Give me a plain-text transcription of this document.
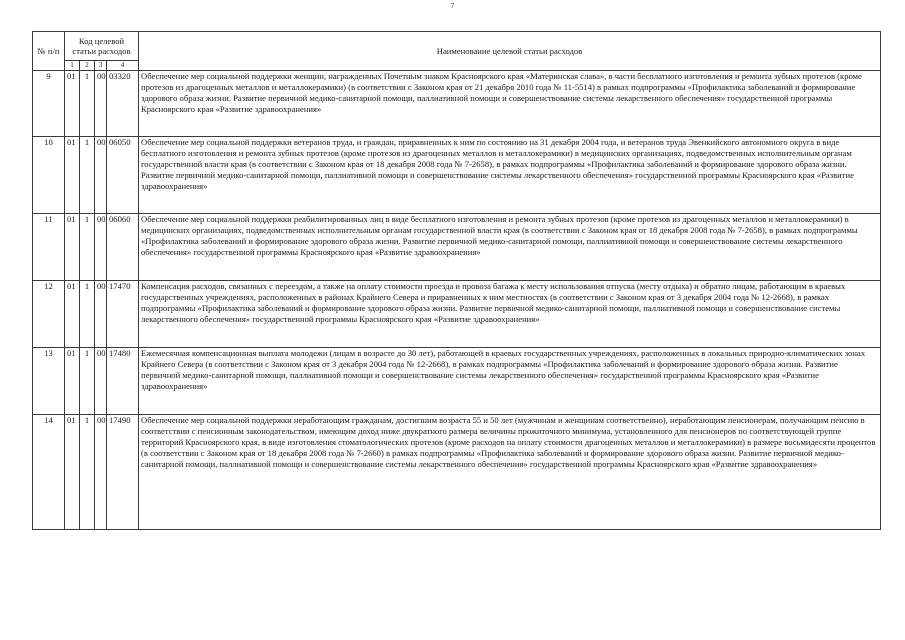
7
№ п/п	Код целевой статьи расходов				Наименование целевой статьи расходов
	1	2	3	4	
9	01	1	00	03320	Обеспечение мер социальной поддержки женщин, награжденных Почетным знаком Красноярского края «Материнская слава», в части бесплатного изготовления и ремонта зубных протезов (кроме протезов из драгоценных металлов и металлокерамики) (в соответствии с Законом края от 21 декабря 2010 года № 11-5514) в рамках подпрограммы «Профилактика заболеваний и формирование здорового образа жизни. Развитие первичной медико-санитарной помощи, паллиативной помощи и совершенствование системы лекарственного обеспечения» государственной программы Красноярского края «Развитие здравоохранения»
10	01	1	00	06050	Обеспечение мер социальной поддержки ветеранов труда, и граждан, приравненных к ним по состоянию на 31 декабря 2004 года, и ветеранов труда Эвенкийского автономного округа в виде бесплатного изготовления и ремонта зубных протезов (кроме протезов из драгоценных металлов и металлокерамики) в медицинских организациях, подведомственных исполнительным органам государственной власти края (в соответствии с Законом края от 18 декабря 2008 года № 7-2658), в рамках подпрограммы «Профилактика заболеваний и формирование здорового образа жизни. Развитие первичной медико-санитарной помощи, паллиативной помощи и совершенствование системы лекарственного обеспечения» государственной программы Красноярского края «Развитие здравоохранения»
11	01	1	00	06060	Обеспечение мер социальной поддержки реабилитированных лиц в виде бесплатного изготовления и ремонта зубных протезов (кроме протезов из драгоценных металлов и металлокерамики) в медицинских организациях, подведомственных исполнительным органам государственной власти края (в соответствии с Законом края от 18 декабря 2008 года № 7-2658), в рамках подпрограммы «Профилактика заболеваний и формирование здорового образа жизни. Развитие первичной медико-санитарной помощи, паллиативной помощи и совершенствование системы лекарственного обеспечения» государственной программы Красноярского края «Развитие здравоохранения»
12	01	1	00	17470	Компенсация расходов, связанных с переездом, а также на оплату стоимости проезда и провоза багажа к месту использования отпуска (месту отдыха) и обратно лицам, работающим в краевых государственных учреждениях, расположенных в районах Крайнего Севера и приравненных к ним местностях (в соответствии с Законом края от 3 декабря 2004 года № 12-2668), в рамках подпрограммы «Профилактика заболеваний и формирование здорового образа жизни. Развитие первичной медико-санитарной помощи, паллиативной помощи и совершенствование системы лекарственного обеспечения» государственной программы Красноярского края «Развитие здравоохранения»
13	01	1	00	17480	Ежемесячная компенсационная выплата молодежи (лицам в возрасте до 30 лет), работающей в краевых государственных учреждениях, расположенных в локальных природно-климатических зонах Крайнего Севера (в соответствии с Законом края от 3 декабря 2004 года № 12-2668), в рамках подпрограммы «Профилактика заболеваний и формирование здорового образа жизни. Развитие первичной медико-санитарной помощи, паллиативной помощи и совершенствование системы лекарственного обеспечения» государственной программы Красноярского края «Развитие здравоохранения»
14	01	1	00	17490	Обеспечение мер социальной поддержки неработающим гражданам, достигшим возраста 55 и 50 лет (мужчинам и женщинам соответственно), неработающим пенсионерам, получающим пенсию в соответствии с пенсионным законодательством, имеющим доход ниже двукратного размера величины прожиточного минимума, установленного для пенсионеров по соответствующей группе территорий Красноярского края, в виде изготовления стоматологических протезов (кроме расходов на оплату стоимости драгоценных металлов и металлокерамики) в размере восьмидесяти процентов (в соответствии с Законом края от 18 декабря 2008 года № 7-2660) в рамках подпрограммы «Профилактика заболеваний и формирование здорового образа жизни. Развитие первичной медико-санитарной помощи, паллиативной помощи и совершенствование системы лекарственного обеспечения» государственной программы Красноярского края «Развитие здравоохранения»
